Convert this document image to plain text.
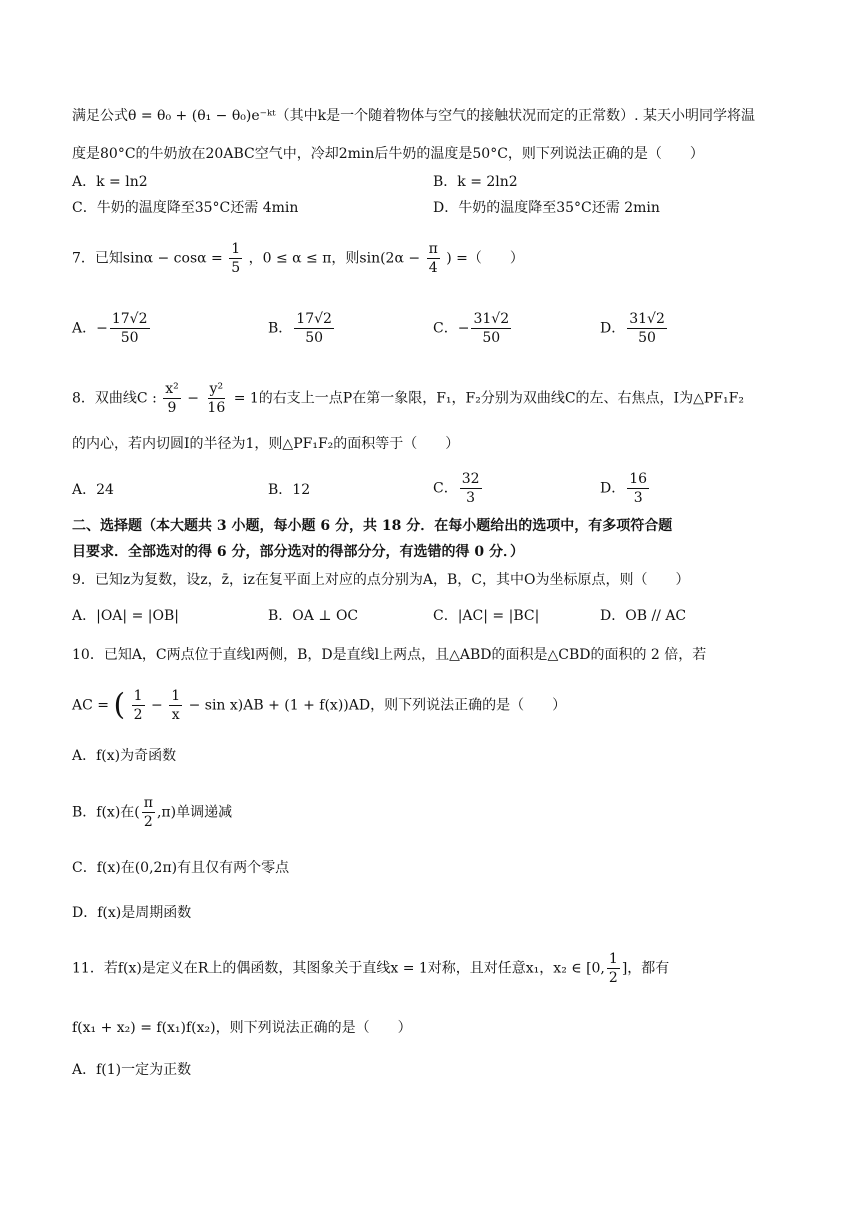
满足公式θ = θ₀ + (θ₁ − θ₀)e⁻ᵏᵗ（其中k是一个随着物体与空气的接触状况而定的正常数）. 某天小明同学将温
度是80°C的牛奶放在20ABC空气中，冷却2min后牛奶的温度是50°C，则下列说法正确的是（　　）
A．k = ln2	B．k = 2ln2
C．牛奶的温度降至35°C还需 4min	D．牛奶的温度降至35°C还需 2min
7．已知$\sin\alpha - \cos\alpha = \frac{1}{5}$ ，0 ≤ α ≤ π，则$\sin(2\alpha - \frac{\pi}{4}$ ) =（　　）
A．− $\frac{17√2}{50}$	B． $\frac{17√2}{50}$	C．− $\frac{31√2}{50}$	D． $\frac{31√2}{50}$
8．双曲线C : $\frac{\text{x²}}{9} - \frac{\text{y²}}{16} = 1$的右支上一点P在第一象限，F₁，F₂分别为双曲线C的左、右焦点，I为△PF₁F₂
的内心，若内切圆I的半径为1，则△PF₁F₂的面积等于（　　）
A．24	B．12	C． $\frac{32}{3}$	D． $\frac{16}{3}$
二、选择题（本大题共 3 小题，每小题 6 分，共 18 分．在每小题给出的选项中，有多项符合题
目要求．全部选对的得 6 分，部分选对的得部分分，有选错的得 0 分．）
9．已知z为复数，设z，z̄，iz在复平面上对应的点分别为A，B，C，其中O为坐标原点，则（　　）
A．|OA| = |OB|	B．OA ⊥ OC	C．|AC| = |BC|	D．OB // AC
10．已知A，C两点位于直线l两侧，B，D是直线l上两点，且△ABD的面积是△CBD的面积的 2 倍，若
AC = ( $\frac{1}{2} - \frac{1}{x} - \sin x)AB + (1 + f(x))AD$，则下列说法正确的是（　　）
A．f(x)为奇函数
B．f(x)在( $\frac{\pi}{2} ,\pi$)单调递减
C．f(x)在(0,2π)有且仅有两个零点
D．f(x)是周期函数
11．若f(x)是定义在R上的偶函数，其图象关于直线x = 1对称，且对任意x₁，x₂ ∈ [0, $\frac{1}{2}$ ]，都有
f(x₁ + x₂) = f(x₁)f(x₂)，则下列说法正确的是（　　）
A．f(1)一定为正数
